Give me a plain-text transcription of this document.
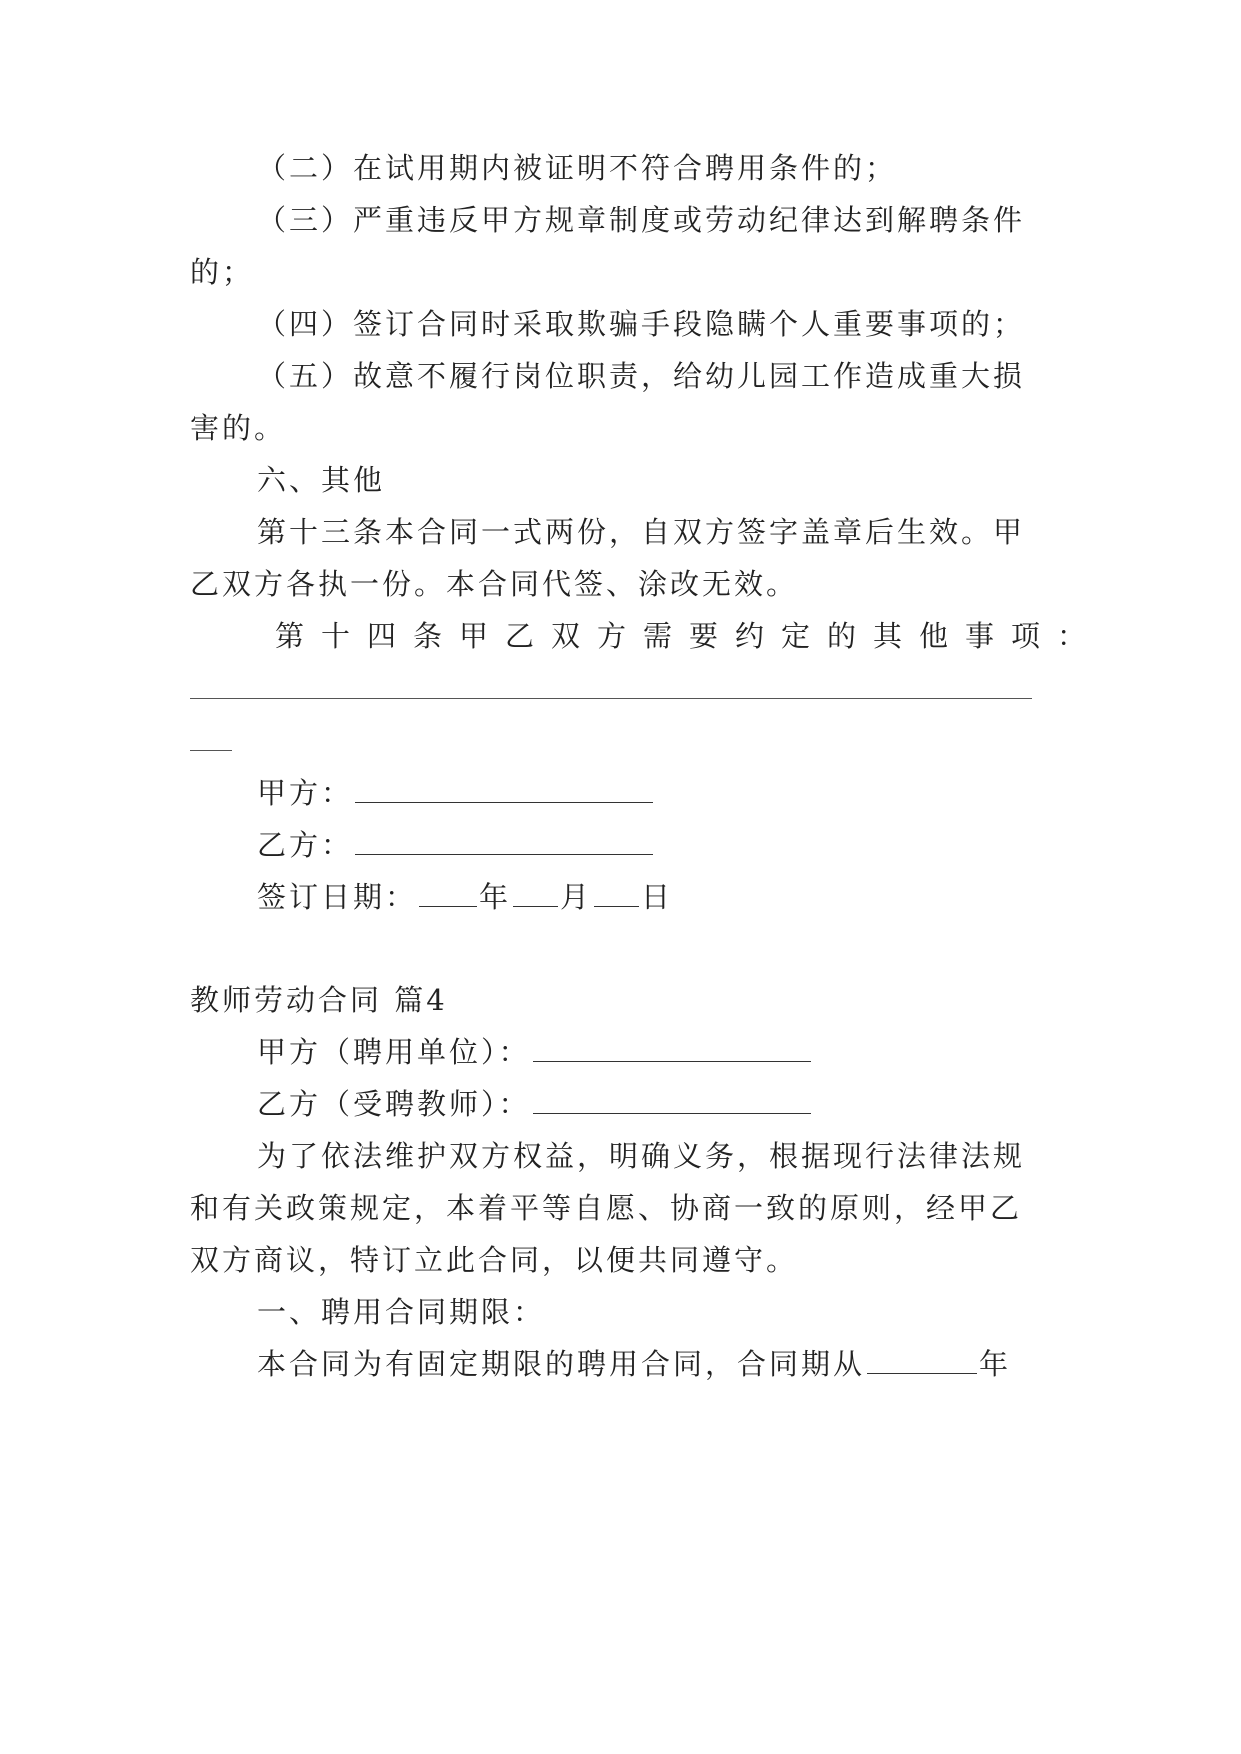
（二）在试用期内被证明不符合聘用条件的；
（三）严重违反甲方规章制度或劳动纪律达到解聘条件
的；
（四）签订合同时采取欺骗手段隐瞒个人重要事项的；
（五）故意不履行岗位职责，给幼儿园工作造成重大损
害的。
六、其他
第十三条本合同一式两份，自双方签字盖章后生效。甲
乙双方各执一份。本合同代签、涂改无效。
第十四条甲乙双方需要约定的其他事项：
甲方：
乙方：
签订日期： 年 月 日
教师劳动合同 篇4
甲方（聘用单位）：
乙方（受聘教师）：
为了依法维护双方权益，明确义务，根据现行法律法规
和有关政策规定，本着平等自愿、协商一致的原则，经甲乙
双方商议，特订立此合同，以便共同遵守。
一、聘用合同期限：
本合同为有固定期限的聘用合同，合同期从	年
